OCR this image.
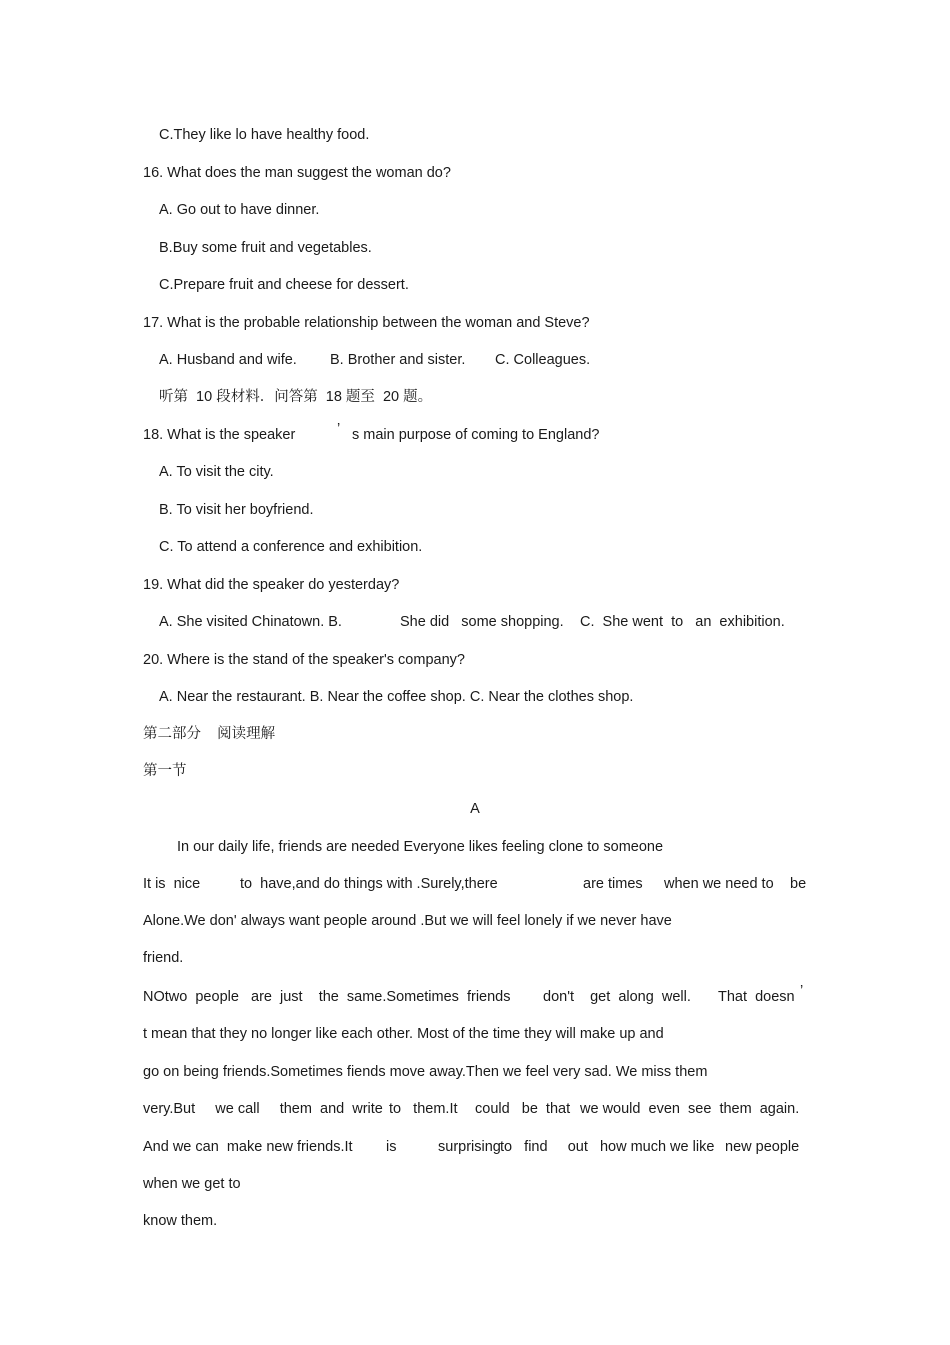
C.They like lo have healthy food.
16. What does the man suggest the woman do?
A. Go out to have dinner.
B.Buy some fruit and vegetables.
C.Prepare fruit and cheese for dessert.
17. What is the probable relationship between the woman and Steve?
A. Husband and wife. B. Brother and sister. C. Colleagues.
听第  10 段材料．问答第  18 题至  20 题。
18. What is the speaker	’ s main purpose of coming to England?
A. To visit the city.
B. To visit her boyfriend.
C. To attend a conference and exhibition.
19. What did the speaker do yesterday?
A. She visited Chinatown. B.	She did   some shopping. C.  She went  to   an  exhibition.
20. Where is the stand of the speaker's company?
A. Near the restaurant. B. Near the coffee shop. C. Near the clothes shop.
第二部分    阅读理解
第一节
A
In our daily life, friends are needed Everyone likes feeling clone to someone
It is  nice	to  have,and do things with .Surely,there	are times when we need to be
Alone.We don' always want people around .But we will feel lonely if we never have
friend.
NOtwo  people   are  just    the  same.Sometimes  friends don't    get  along  well. That  doesn ’
t mean that they no longer like each other. Most of the time they will make up and
go on being friends.Sometimes fiends move away.Then we feel very sad. We miss them
very.But     we call     them  and  write to   them.It could   be  that we would  even  see  them  again.
And we can  make new friends.It is	surprising to   find     out   how much we like new people
when we get to
know them.
